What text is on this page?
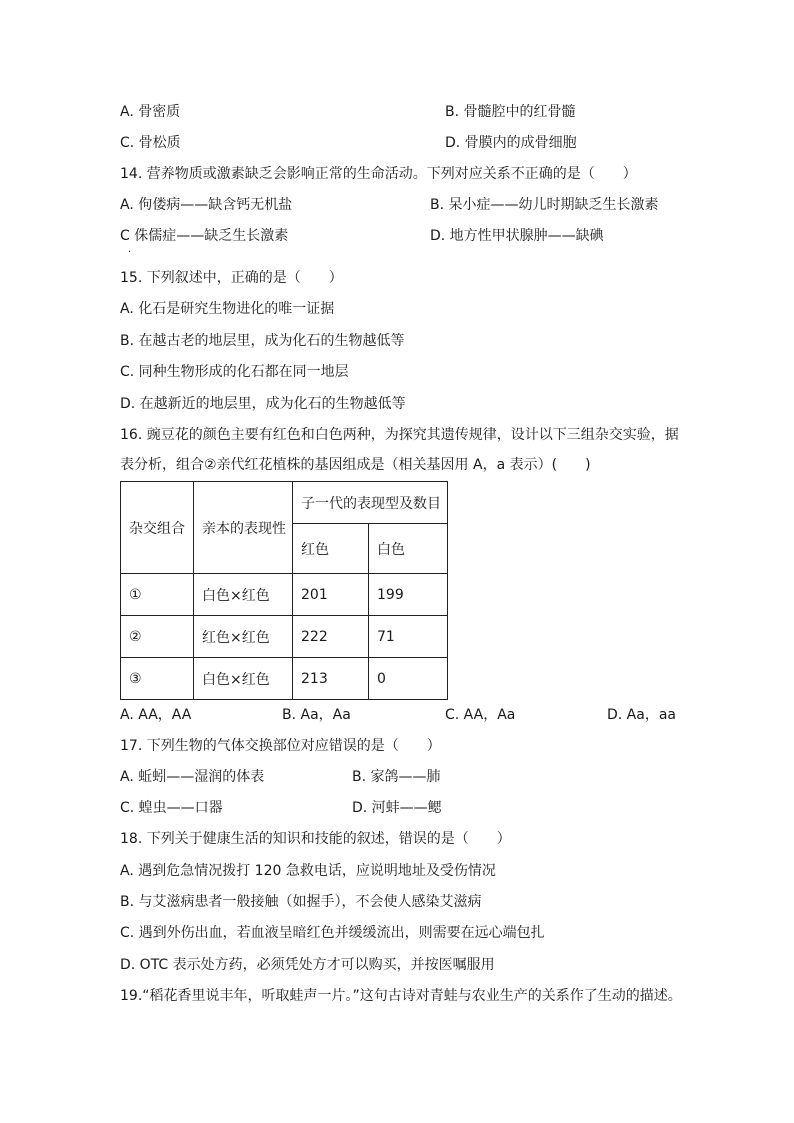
A. 骨密质	B. 骨髓腔中的红骨髓
C. 骨松质	D. 骨膜内的成骨细胞
14. 营养物质或激素缺乏会影响正常的生命活动。下列对应关系不正确的是（　　）
A. 佝偻病——缺含钙无机盐	B. 呆小症——幼儿时期缺乏生长激素
C 侏儒症——缺乏生长激素
·
D. 地方性甲状腺肿——缺碘
15. 下列叙述中，正确的是（　　）
A. 化石是研究生物进化的唯一证据
B. 在越古老的地层里，成为化石的生物越低等
C. 同种生物形成的化石都在同一地层
D. 在越新近的地层里，成为化石的生物越低等
16. 豌豆花的颜色主要有红色和白色两种，为探究其遗传规律，设计以下三组杂交实验，据
表分析，组合②亲代红花植株的基因组成是（相关基因用 A，a 表示）(　　)
杂交组合	亲本的表现性	子一代的表现型及数目	
		红色	白色
①	白色×红色	201	199
②	红色×红色	222	71
③	白色×红色	213	0
A. AA，AA	B. Aa，Aa	C. AA，Aa	D. Aa，aa
17. 下列生物的气体交换部位对应错误的是（　　）
A. 蚯蚓——湿润的体表	B. 家鸽——肺
C. 蝗虫——口器	D. 河蚌——鳃
18. 下列关于健康生活的知识和技能的叙述，错误的是（　　）
A. 遇到危急情况拨打 120 急救电话，应说明地址及受伤情况
B. 与艾滋病患者一般接触（如握手），不会使人感染艾滋病
C. 遇到外伤出血，若血液呈暗红色并缓缓流出，则需要在远心端包扎
D. OTC 表示处方药，必须凭处方才可以购买，并按医嘱服用
19.“稻花香里说丰年，听取蛙声一片。”这句古诗对青蛙与农业生产的关系作了生动的描述。
